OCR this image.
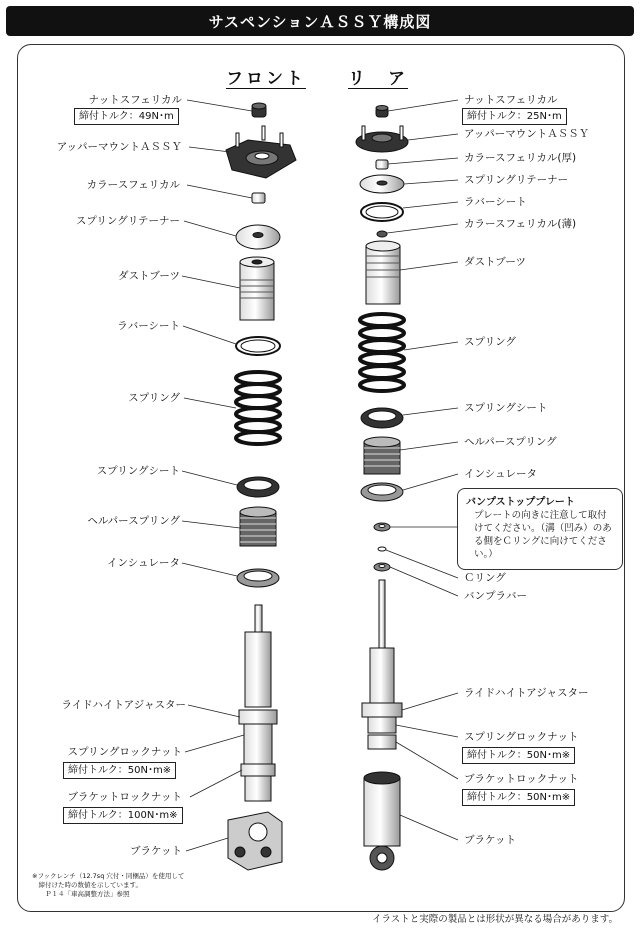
サスペンションＡＳＳＹ構成図
フロント リ　ア
ナットスフェリカル
締付トルク：49N･m
アッパーマウントＡＳＳＹ
カラースフェリカル
スプリングリテーナー
ダストブーツ
ラバーシート
スプリング
スプリングシート
ヘルパースプリング
インシュレータ
ライドハイトアジャスター
スプリングロックナット
締付トルク：50N･m※
ブラケットロックナット
締付トルク：100N･m※
ブラケット
ナットスフェリカル
締付トルク：25N･m
アッパーマウントＡＳＳＹ
カラースフェリカル(厚)
スプリングリテーナー
ラバーシート
カラースフェリカル(薄)
ダストブーツ
スプリング
スプリングシート
ヘルパースプリング
インシュレータ
バンプストッププレート
プレートの向きに注意して取付けてください。（溝（凹み）のある側をＣリングに向けてください。）
Ｃリング
バンプラバー
ライドハイトアジャスター
スプリングロックナット
締付トルク：50N･m※
ブラケットロックナット
締付トルク：50N･m※
ブラケット
※フックレンチ（12.7sq 穴付・同梱品）を使用して
　締付けた時の数値を示しています。
　　Ｐ１４「車高調整方法」参照
イラストと実際の製品とは形状が異なる場合があります。
